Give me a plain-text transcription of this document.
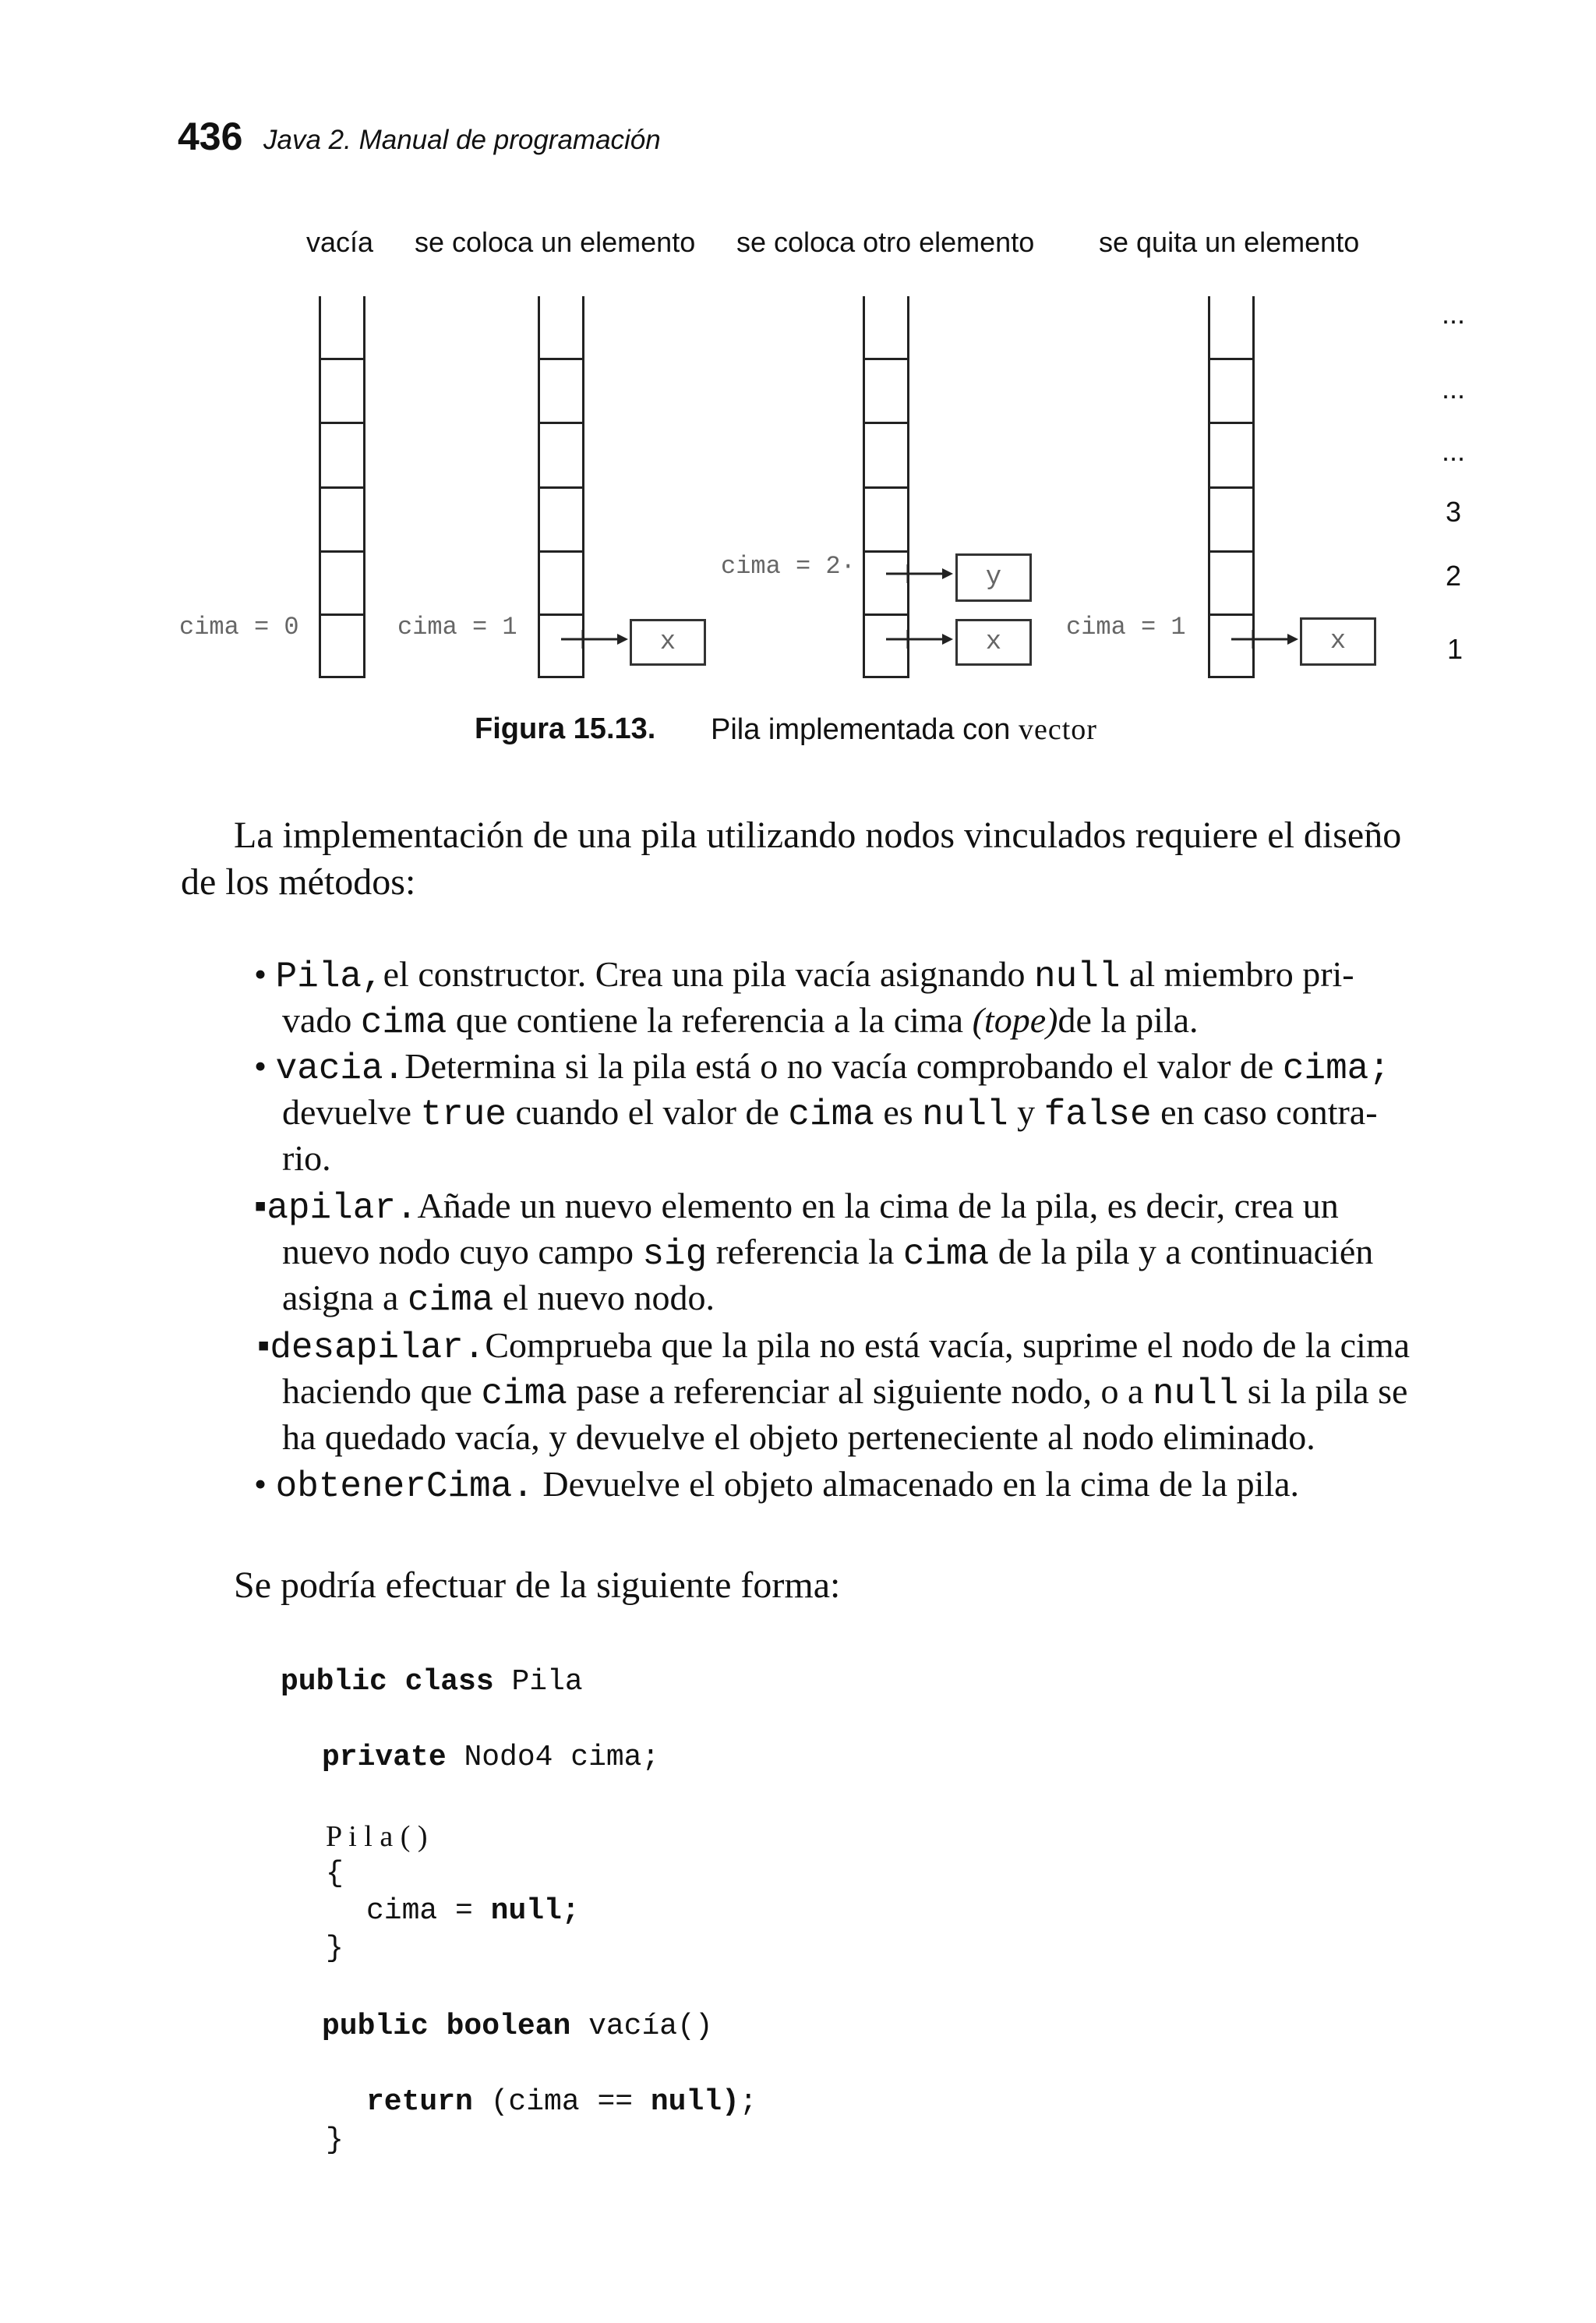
436 Java 2. Manual de programación
vacía se coloca un elemento se coloca otro elemento se quita un elemento
cima = 0	cima = 1
x
cima = 2·	y
x
cima = 1	x
...
...
...
3
2
1
Figura 15.13. Pila implementada con vector
La implementación de una pila utilizando nodos vinculados requiere el diseño
de los métodos:
• Pila,el constructor. Crea una pila vacía asignando null al miembro pri-
vado cima que contiene la referencia a la cima (tope)de la pila.
• vacia.Determina si la pila está o no vacía comprobando el valor de cima;
devuelve true cuando el valor de cima es null y false en caso contra-
rio.
▪apilar.Añade un nuevo elemento en la cima de la pila, es decir, crea un
nuevo nodo cuyo campo sig referencia la cima de la pila y a continuacién
asigna a cima el nuevo nodo.
▪desapilar.Comprueba que la pila no está vacía, suprime el nodo de la cima
haciendo que cima pase a referenciar al siguiente nodo, o a null si la pila se
ha quedado vacía, y devuelve el objeto perteneciente al nodo eliminado.
• obtenerCima. Devuelve el objeto almacenado en la cima de la pila.
Se podría efectuar de la siguiente forma:
public class Pila
private Nodo4 cima;
P i l a ( )
{
cima = null;
}
public boolean vacía()
return (cima == null);
}
